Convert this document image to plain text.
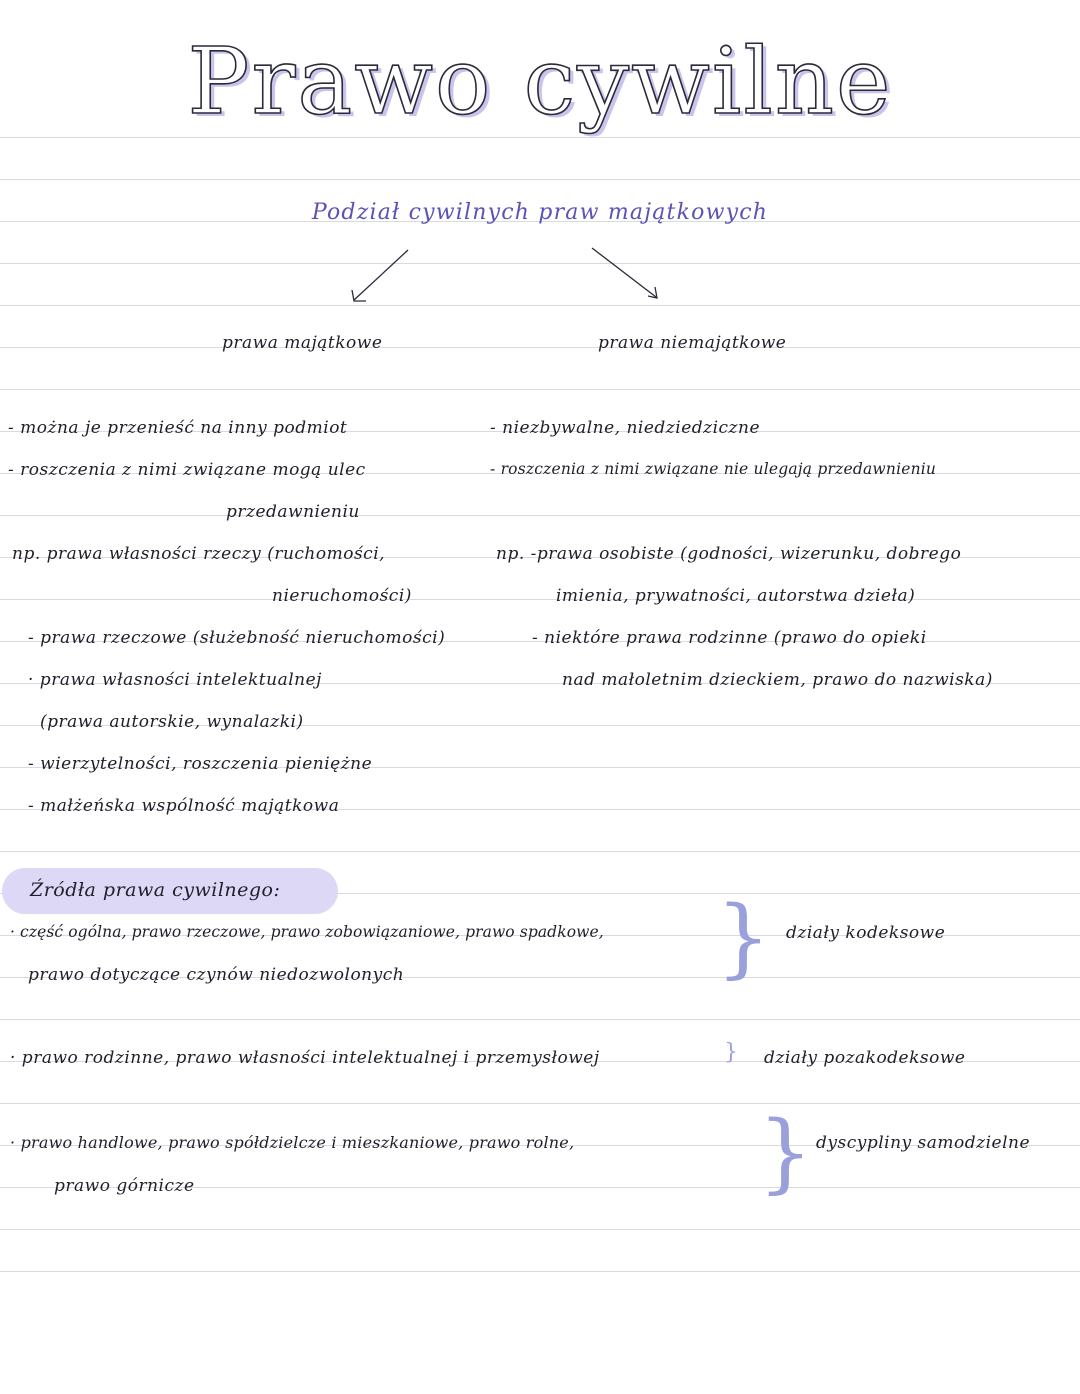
Prawo cywilne
Podział cywilnych praw majątkowych
prawa majątkowe	prawa niemajątkowe
- można je przenieść na inny podmiot
- roszczenia z nimi związane mogą ulec
przedawnieniu
np. prawa własności rzeczy (ruchomości,
nieruchomości)
- prawa rzeczowe (służebność nieruchomości)
· prawa własności intelektualnej
(prawa autorskie, wynalazki)
- wierzytelności, roszczenia pieniężne
- małżeńska wspólność majątkowa
- niezbywalne, niedziedziczne
- roszczenia z nimi związane nie ulegają przedawnieniu
np. -prawa osobiste (godności, wizerunku, dobrego
imienia, prywatności, autorstwa dzieła)
- niektóre prawa rodzinne (prawo do opieki
nad małoletnim dzieckiem, prawo do nazwiska)
Źródła prawa cywilnego:
· część ogólna, prawo rzeczowe, prawo zobowiązaniowe, prawo spadkowe,
prawo dotyczące czynów niedozwolonych	} działy kodeksowe
· prawo rodzinne, prawo własności intelektualnej i przemysłowej	} działy pozakodeksowe
· prawo handlowe, prawo spółdzielcze i mieszkaniowe, prawo rolne,
prawo górnicze	} dyscypliny samodzielne
